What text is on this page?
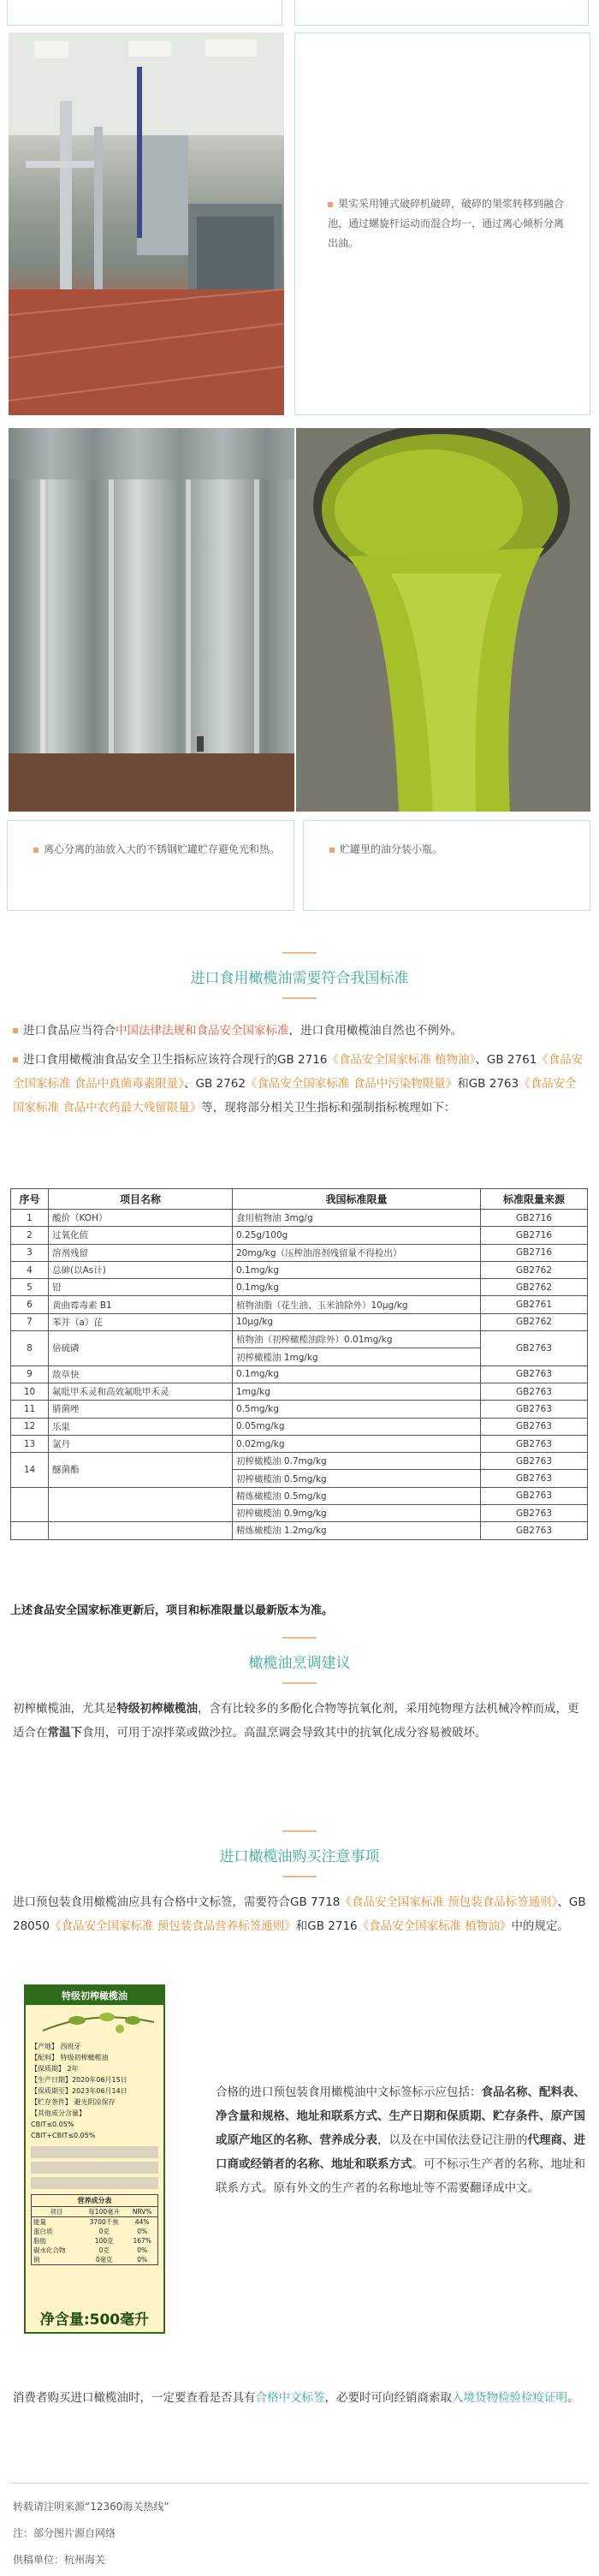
果实采用锤式破碎机破碎，破碎的果浆转移到融合池，通过螺旋杆运动而混合均一，通过离心倾析分离出油。
离心分离的油放入大的不锈钢贮罐贮存避免光和热。	贮罐里的油分装小瓶。
进口食用橄榄油需要符合我国标准

进口食品应当符合中国法律法规和食品安全国家标准，进口食用橄榄油自然也不例外。

进口食用橄榄油食品安全卫生指标应该符合现行的GB 2716《食品安全国家标准 植物油》、GB 2761《食品安全国家标准 食品中真菌毒素限量》、GB 2762《食品安全国家标准 食品中污染物限量》和GB 2763《食品安全国家标准 食品中农药最大残留限量》等，现将部分相关卫生指标和强制指标梳理如下：

序号	项目名称	我国标准限量	标准限量来源
1	酸价（KOH）	食用植物油 3mg/g	GB2716
2	过氧化值	0.25g/100g	GB2716
3	溶剂残留	20mg/kg（压榨油溶剂残留量不得检出）	GB2716
4	总砷(以As计)	0.1mg/kg	GB2762
5	铅	0.1mg/kg	GB2762
6	黄曲霉毒素 B1	植物油脂（花生油、玉米油除外）10μg/kg	GB2761
7	苯并（a）芘	10μg/kg	GB2762
8	倍硫磷	植物油（初榨橄榄油除外）0.01mg/kg	GB2763
		初榨橄榄油 1mg/kg	
9	敌草快	0.1mg/kg	GB2763
10	氟吡甲禾灵和高效氟吡甲禾灵	1mg/kg	GB2763
11	腈菌唑	0.5mg/kg	GB2763
12	乐果	0.05mg/kg	GB2763
13	氯丹	0.02mg/kg	GB2763
14	醚菌酯	初榨橄榄油 0.7mg/kg	GB2763
		初榨橄榄油 0.5mg/kg	GB2763
		精炼橄榄油 0.5mg/kg	GB2763
		初榨橄榄油 0.9mg/kg	GB2763
		精炼橄榄油 1.2mg/kg	GB2763
上述食品安全国家标准更新后，项目和标准限量以最新版本为准。
橄榄油烹调建议

初榨橄榄油，尤其是特级初榨橄榄油，含有比较多的多酚化合物等抗氧化剂，采用纯物理方法机械冷榨而成，更适合在常温下食用，可用于凉拌菜或做沙拉。高温烹调会导致其中的抗氧化成分容易被破坏。

进口橄榄油购买注意事项

进口预包装食用橄榄油应具有合格中文标签，需要符合GB 7718《食品安全国家标准 预包装食品标签通则》、GB 28050《食品安全国家标准 预包装食品营养标签通则》和GB 2716《食品安全国家标准 植物油》中的规定。

特级初榨橄榄油
【产地】 西班牙
【配料】 特级初榨橄榄油
【保质期】 2年
【生产日期】2020年06月15日
【保质期至】2023年06月14日
【贮存条件】 避光阴凉保存
【其他成分含量】
CBIT≤0.05%
CBIT+CBIT≤0.05%
营养成分表
项目	每100毫升	NRV%
能量	3700千焦	44%
蛋白质	0克	0%
脂肪	100克	167%
碳水化合物	0克	0%
钠	0毫克	0%
净含量:500毫升

合格的进口预包装食用橄榄油中文标签标示应包括：食品名称、配料表、净含量和规格、地址和联系方式、生产日期和保质期、贮存条件、原产国或原产地区的名称、营养成分表，以及在中国依法登记注册的代理商、进口商或经销者的名称、地址和联系方式。可不标示生产者的名称、地址和联系方式。原有外文的生产者的名称地址等不需要翻译成中文。

消费者购买进口橄榄油时，一定要查看是否具有合格中文标签，必要时可向经销商索取入境货物检验检疫证明。

转载请注明来源“12360海关热线”
注：部分图片源自网络
供稿单位：杭州海关
